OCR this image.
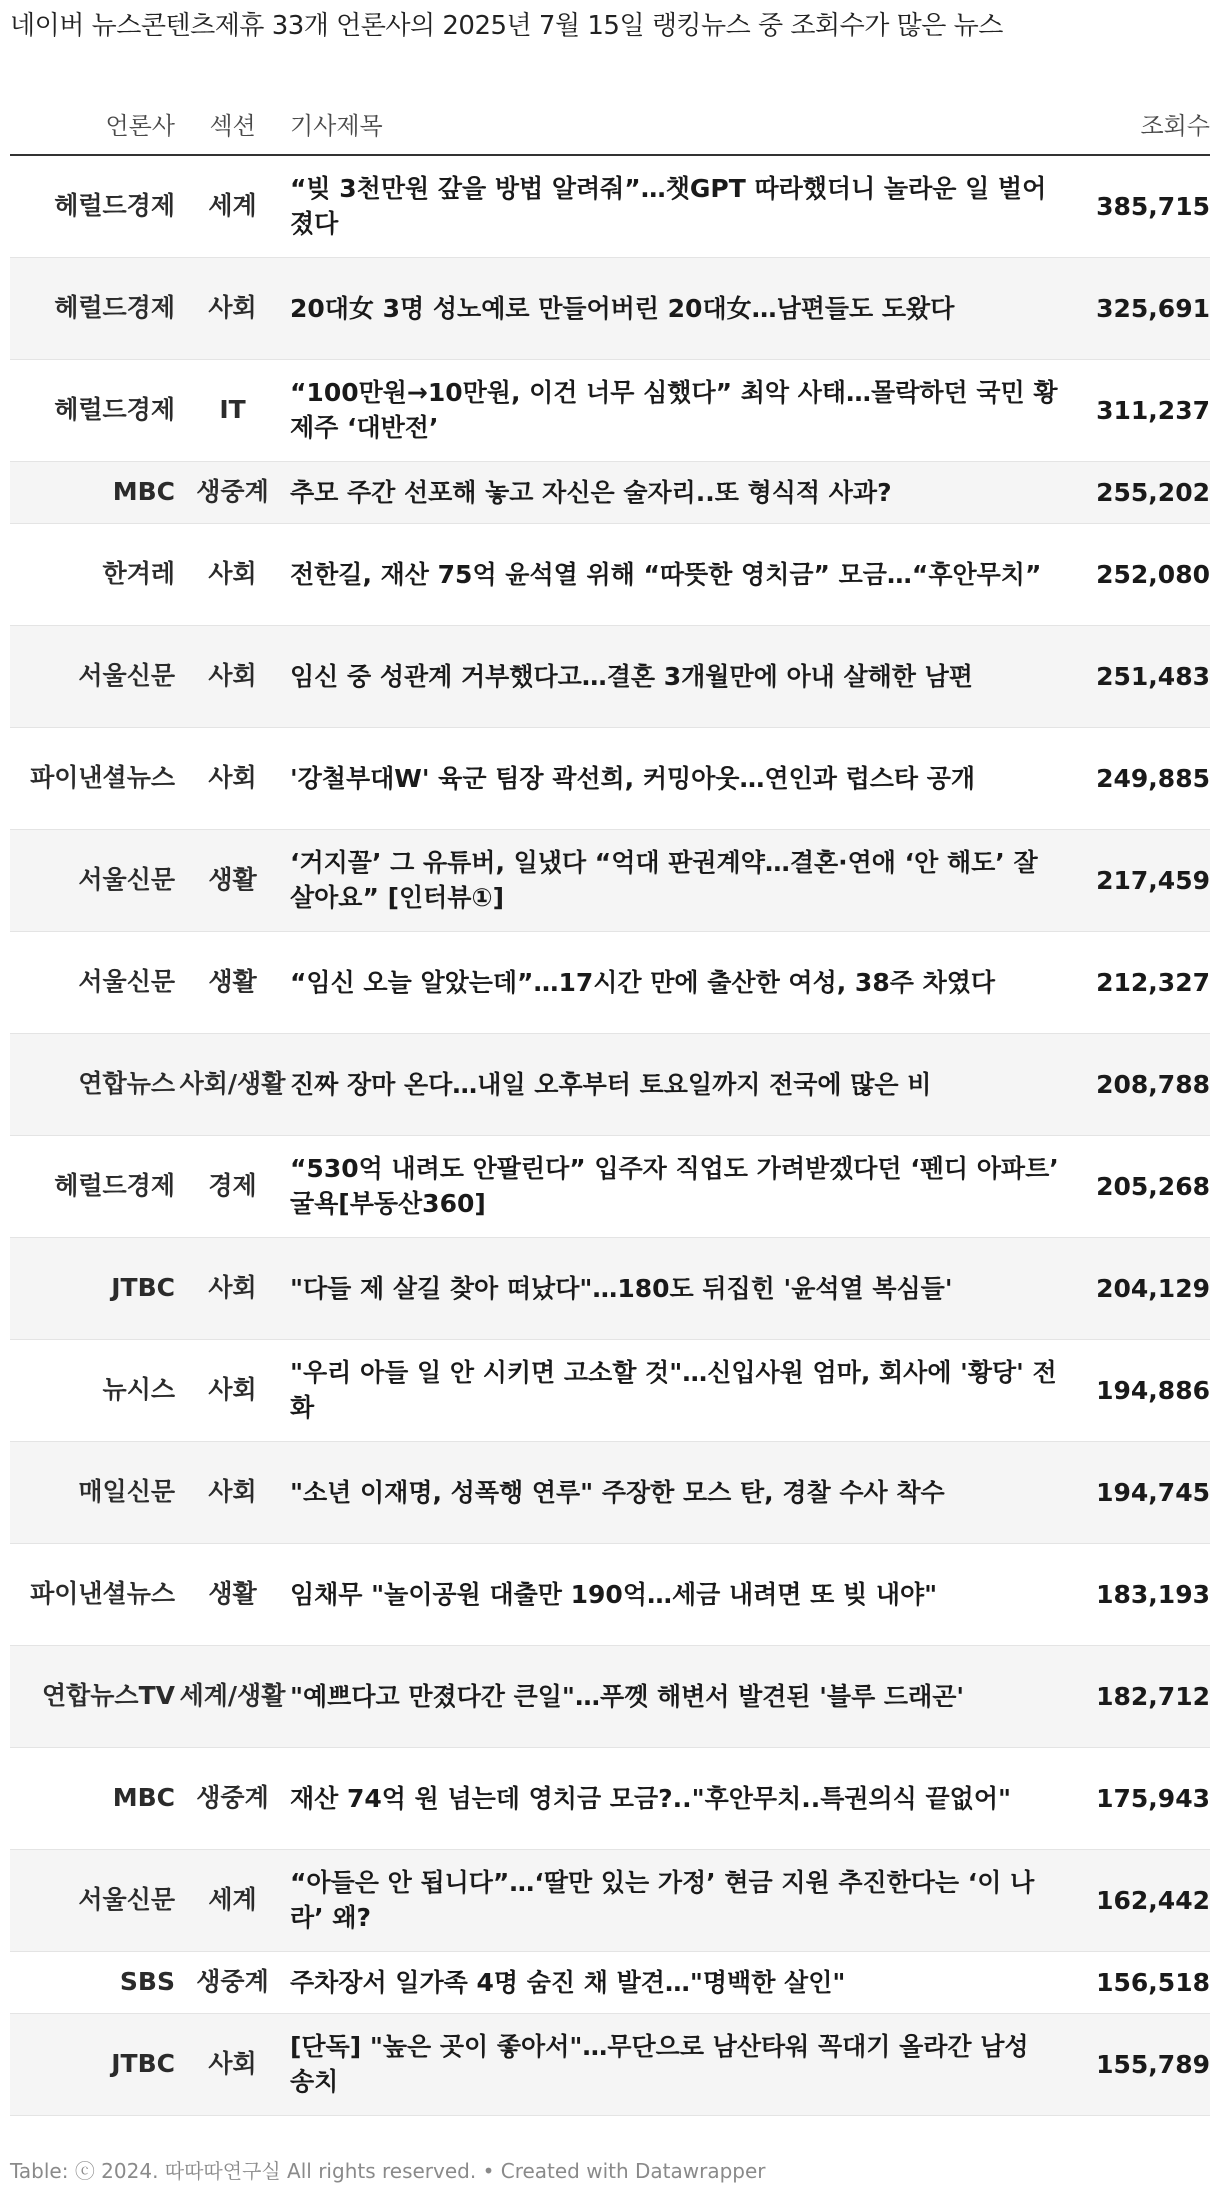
네이버 뉴스콘텐츠제휴 33개 언론사의 2025년 7월 15일 랭킹뉴스 중 조회수가 많은 뉴스
언론사	섹션	기사제목	조회수
헤럴드경제	세계	“빚 3천만원 갚을 방법 알려줘”…챗GPT 따라했더니 놀라운 일 벌어졌다	385,715
헤럴드경제	사회	20대女 3명 성노예로 만들어버린 20대女…남편들도 도왔다	325,691
헤럴드경제	IT	“100만원→10만원, 이건 너무 심했다” 최악 사태…몰락하던 국민 황제주 ‘대반전’	311,237
MBC	생중계	추모 주간 선포해 놓고 자신은 술자리..또 형식적 사과?	255,202
한겨레	사회	전한길, 재산 75억 윤석열 위해 “따뜻한 영치금” 모금…“후안무치”	252,080
서울신문	사회	임신 중 성관계 거부했다고…결혼 3개월만에 아내 살해한 남편	251,483
파이낸셜뉴스	사회	'강철부대W' 육군 팀장 곽선희, 커밍아웃…연인과 럽스타 공개	249,885
서울신문	생활	‘거지꼴’ 그 유튜버, 일냈다 “억대 판권계약…결혼·연애 ‘안 해도’ 잘 살아요” [인터뷰①]	217,459
서울신문	생활	“임신 오늘 알았는데”…17시간 만에 출산한 여성, 38주 차였다	212,327
연합뉴스	사회/생활	진짜 장마 온다…내일 오후부터 토요일까지 전국에 많은 비	208,788
헤럴드경제	경제	“530억 내려도 안팔린다” 입주자 직업도 가려받겠다던 ‘펜디 아파트’ 굴욕[부동산360]	205,268
JTBC	사회	"다들 제 살길 찾아 떠났다"…180도 뒤집힌 '윤석열 복심들'	204,129
뉴시스	사회	"우리 아들 일 안 시키면 고소할 것"…신입사원 엄마, 회사에 '황당' 전화	194,886
매일신문	사회	"소년 이재명, 성폭행 연루" 주장한 모스 탄, 경찰 수사 착수	194,745
파이낸셜뉴스	생활	임채무 "놀이공원 대출만 190억…세금 내려면 또 빚 내야"	183,193
연합뉴스TV	세계/생활	"예쁘다고 만졌다간 큰일"…푸껫 해변서 발견된 '블루 드래곤'	182,712
MBC	생중계	재산 74억 원 넘는데 영치금 모금?.."후안무치..특권의식 끝없어"	175,943
서울신문	세계	“아들은 안 됩니다”…‘딸만 있는 가정’ 현금 지원 추진한다는 ‘이 나라’ 왜?	162,442
SBS	생중계	주차장서 일가족 4명 숨진 채 발견…"명백한 살인"	156,518
JTBC	사회	[단독] "높은 곳이 좋아서"…무단으로 남산타워 꼭대기 올라간 남성 송치	155,789
Table: ⓒ 2024. 따따따연구실 All rights reserved. • Created with Datawrapper
